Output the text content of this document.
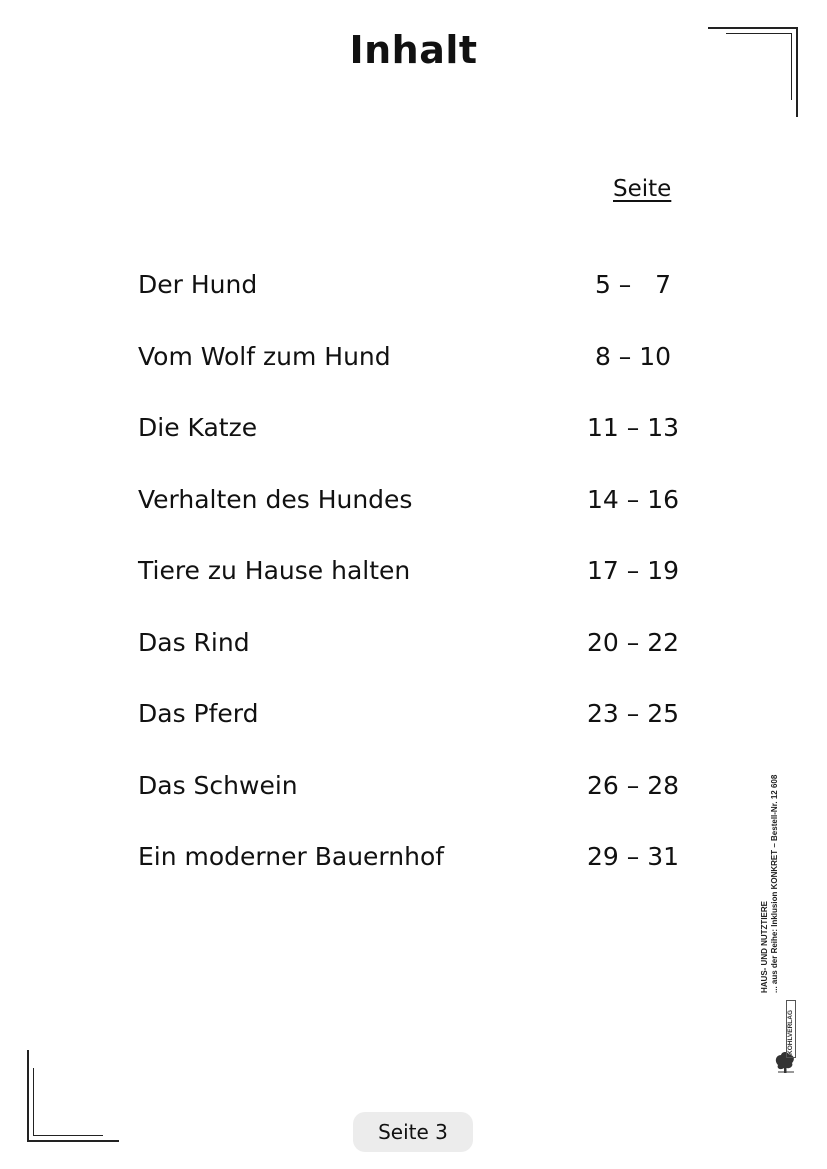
Inhalt
Seite
Der Hund	5 –   7
Vom Wolf zum Hund	8 – 10
Die Katze	11 – 13
Verhalten des Hundes	14 – 16
Tiere zu Hause halten	17 – 19
Das Rind	20 – 22
Das Pferd	23 – 25
Das Schwein	26 – 28
Ein moderner Bauernhof	29 – 31
HAUS- UND NUTZTIERE ... aus der Reihe: Inklusion KONKRET – Bestell-Nr. 12 608
KOHLVERLAG
Seite 3
